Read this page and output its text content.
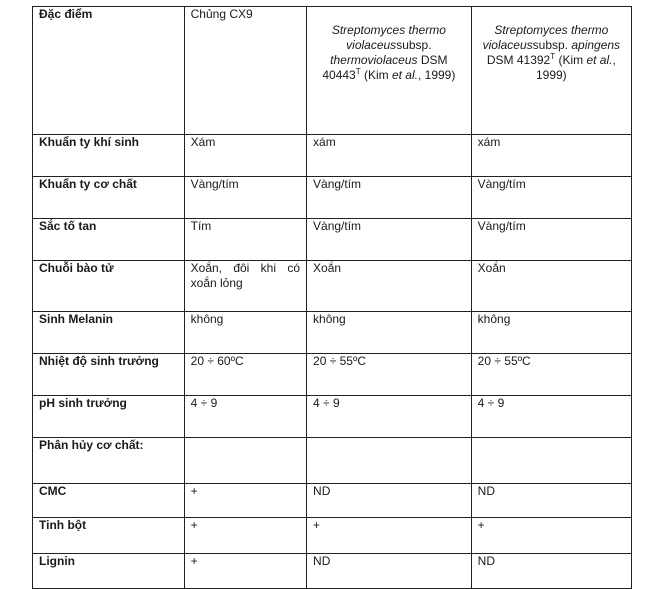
Đặc điểm	Chủng CX9	Streptomyces thermo
violaceussubsp.
thermoviolaceus DSM
$40443^T$ (Kim et al., 1999)	Streptomyces thermo
violaceussubsp. apingens
DSM $41392^T$ (Kim et al., 1999)

Khuẩn ty khí sinh	Xám	xám	xám
Khuẩn ty cơ chất	Vàng/tím	Vàng/tím	Vàng/tím
Sắc tố tan	Tím	Vàng/tím	Vàng/tím
Chuỗi bào tử	Xoắn, đôi khi có
xoắn lỏng	Xoắn	Xoắn
Sinh Melanin	không	không	không
Nhiệt độ sinh trưởng	20 ÷ 60ºC	20 ÷ 55ºC	20 ÷ 55ºC
pH sinh trưởng	4 ÷ 9	4 ÷ 9	4 ÷ 9
Phân hủy cơ chất:			
CMC	+	ND	ND
Tinh bột	+	+	+
Lignin	+	ND	ND
